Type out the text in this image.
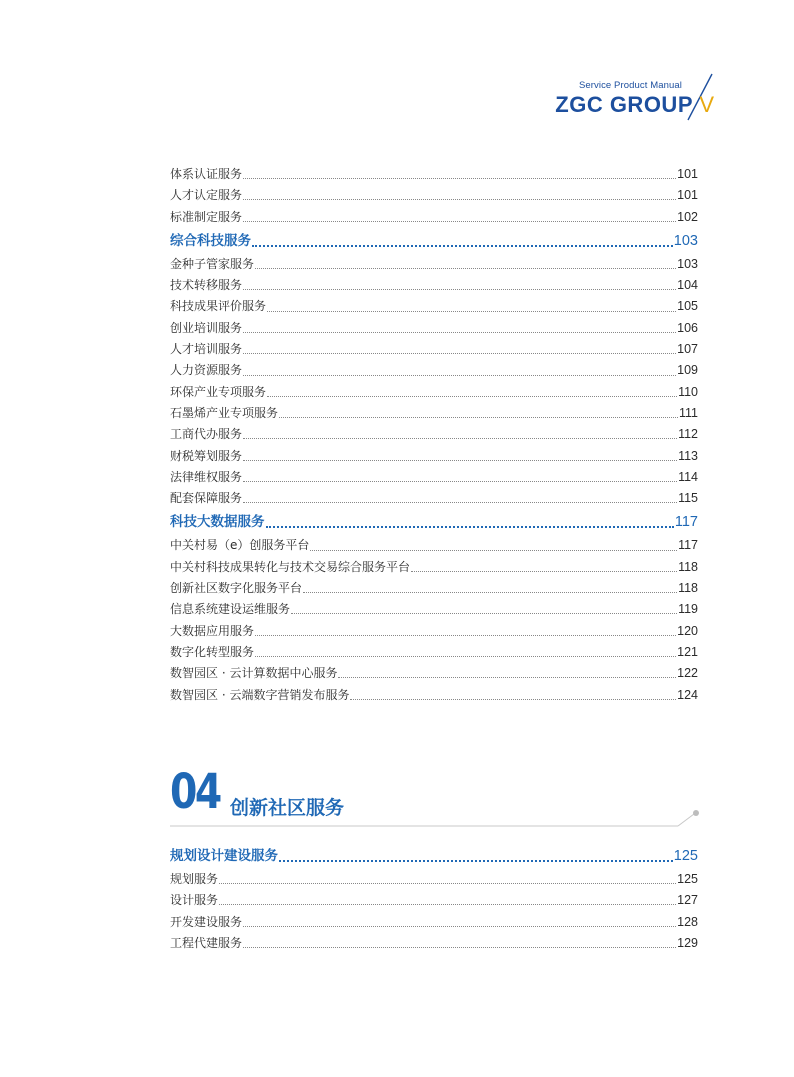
Service Product Manual
ZGC GROUP V
体系认证服务	101
人才认定服务	101
标准制定服务	102
综合科技服务	103
金种子管家服务	103
技术转移服务	104
科技成果评价服务	105
创业培训服务	106
人才培训服务	107
人力资源服务	109
环保产业专项服务	110
石墨烯产业专项服务	111
工商代办服务	112
财税筹划服务	113
法律维权服务	114
配套保障服务	115
科技大数据服务	117
中关村易（e）创服务平台	117
中关村科技成果转化与技术交易综合服务平台	118
创新社区数字化服务平台	118
信息系统建设运维服务	119
大数据应用服务	120
数字化转型服务	121
数智园区 · 云计算数据中心服务	122
数智园区 · 云端数字营销发布服务	124
04 创新社区服务
规划设计建设服务	125
规划服务	125
设计服务	127
开发建设服务	128
工程代建服务	129
